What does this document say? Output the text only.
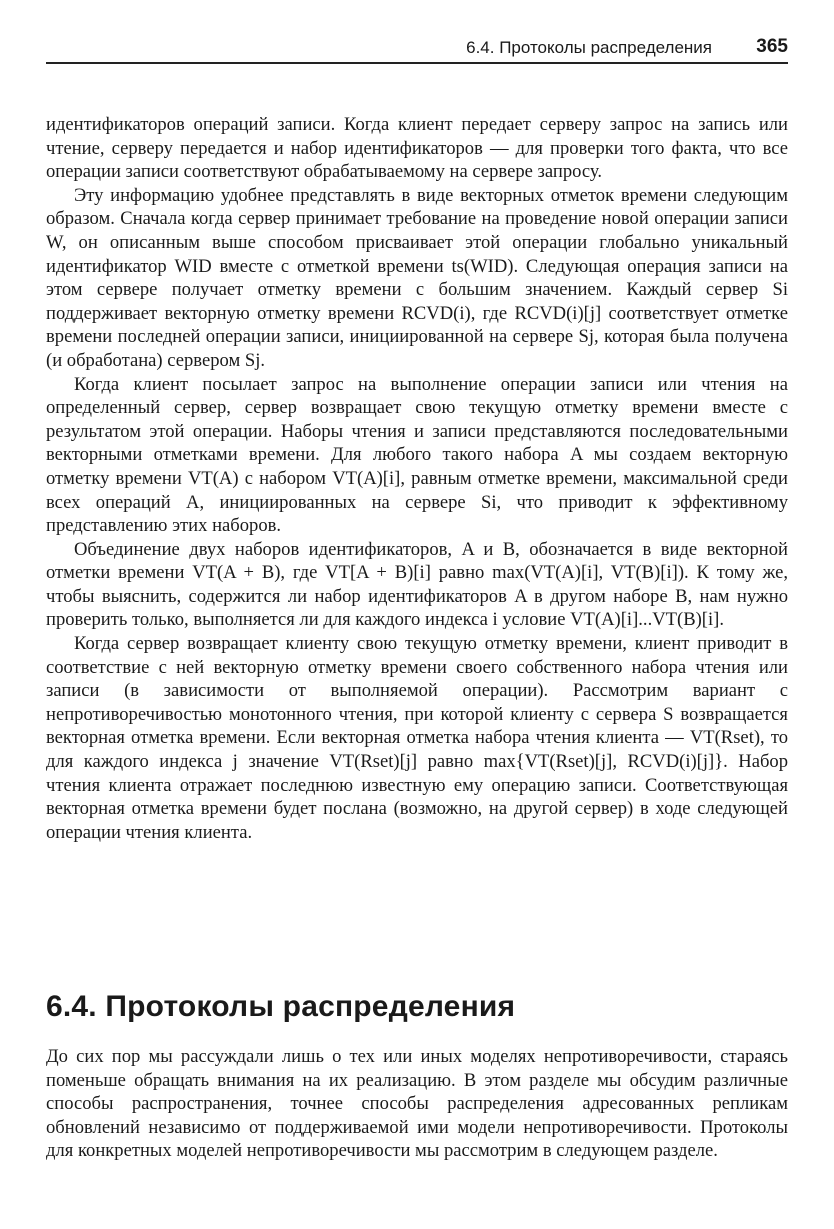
6.4. Протоколы распределения 365

идентификаторов операций записи. Когда клиент передает серверу запрос на запись или чтение, серверу передается и набор идентификаторов — для проверки того факта, что все операции записи соответствуют обрабатываемому на сервере запросу.

Эту информацию удобнее представлять в виде векторных отметок времени следующим образом. Сначала когда сервер принимает требование на проведение новой операции записи W, он описанным выше способом присваивает этой операции глобально уникальный идентификатор WID вместе с отметкой времени ts(WID). Следующая операция записи на этом сервере получает отметку времени с большим значением. Каждый сервер Si поддерживает векторную отметку времени RCVD(i), где RCVD(i)[j] соответствует отметке времени последней операции записи, инициированной на сервере Sj, которая была получена (и обработана) сервером Sj.

Когда клиент посылает запрос на выполнение операции записи или чтения на определенный сервер, сервер возвращает свою текущую отметку времени вместе с результатом этой операции. Наборы чтения и записи представляются последовательными векторными отметками времени. Для любого такого набора A мы создаем векторную отметку времени VT(A) с набором VT(A)[i], равным отметке времени, максимальной среди всех операций A, инициированных на сервере Si, что приводит к эффективному представлению этих наборов.

Объединение двух наборов идентификаторов, A и B, обозначается в виде векторной отметки времени VT(A + B), где VT[A + B)[i] равно max(VT(A)[i], VT(B)[i]). К тому же, чтобы выяснить, содержится ли набор идентификаторов A в другом наборе B, нам нужно проверить только, выполняется ли для каждого индекса i условие VT(A)[i]...VT(B)[i].

Когда сервер возвращает клиенту свою текущую отметку времени, клиент приводит в соответствие с ней векторную отметку времени своего собственного набора чтения или записи (в зависимости от выполняемой операции). Рассмотрим вариант с непротиворечивостью монотонного чтения, при которой клиенту с сервера S возвращается векторная отметка времени. Если векторная отметка набора чтения клиента — VT(Rset), то для каждого индекса j значение VT(Rset)[j] равно max{VT(Rset)[j], RCVD(i)[j]}. Набор чтения клиента отражает последнюю известную ему операцию записи. Соответствующая векторная отметка времени будет послана (возможно, на другой сервер) в ходе следующей операции чтения клиента.

6.4. Протоколы распределения

До сих пор мы рассуждали лишь о тех или иных моделях непротиворечивости, стараясь поменьше обращать внимания на их реализацию. В этом разделе мы обсудим различные способы распространения, точнее способы распределения адресованных репликам обновлений независимо от поддерживаемой ими модели непротиворечивости. Протоколы для конкретных моделей непротиворечивости мы рассмотрим в следующем разделе.
